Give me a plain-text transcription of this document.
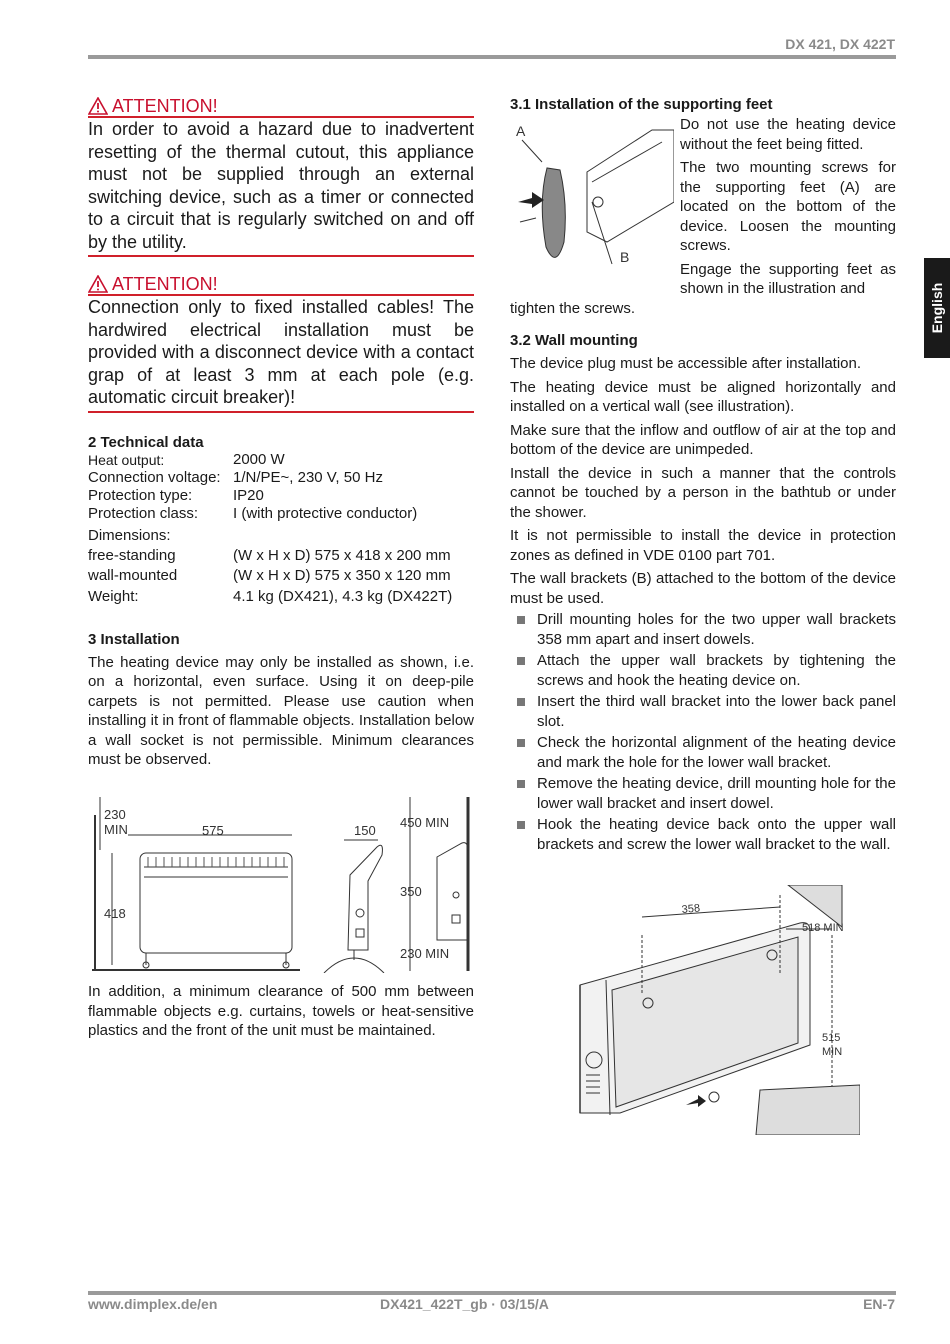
DX 421, DX 422T
English
ATTENTION!
In order to avoid a hazard due to inadvertent resetting of the thermal cutout, this appliance must not be supplied through an external switching device, such as a timer or connected to a circuit that is regularly switched on and off by the utility.
ATTENTION!
Connection only to fixed installed cables! The hardwired electrical installation must be provided with a disconnect device with a contact grap of at least 3 mm at each pole (e.g. automatic circuit breaker)!
2 Technical data
Heat output:	2000 W
Connection voltage:	1/N/PE~, 230 V, 50 Hz
Protection type:	IP20
Protection class:	I (with protective conductor)
Dimensions:
free-standing	(W x H x D) 575 x 418 x 200 mm
wall-mounted	(W x H x D) 575 x 350 x 120 mm
Weight:	4.1 kg (DX421), 4.3 kg (DX422T)
3 Installation

The heating device may only be installed as shown, i.e. on a horizontal, even surface. Using it on deep-pile carpets is not permitted. Please use caution when installing it in front of flammable objects. Installation below a wall socket is not permissible. Minimum clearances must be observed.

230
MIN	575
418
150
450 MIN
350
230 MIN

In addition, a minimum clearance of 500 mm between flammable objects e.g. curtains, towels or heat-sensitive plastics and the front of the unit must be maintained.

3.1 Installation of the supporting feet
A
B

Do not use the heating device without the feet being fitted.

The two mounting screws for the supporting feet (A) are located on the bottom of the device. Loosen the mounting screws.

Engage the supporting feet as shown in the illustration and

tighten the screws.

3.2 Wall mounting

The device plug must be accessible after installation.

The heating device must be aligned horizontally and installed on a vertical wall (see illustration).

Make sure that the inflow and outflow of air at the top and bottom of the device are unimpeded.

Install the device in such a manner that the controls cannot be touched by a person in the bathtub or under the shower.

It is not permissible to install the device in protection zones as defined in VDE 0100 part 701.

The wall brackets (B) attached to the bottom of the device must be used.

Drill mounting holes for the two upper wall brackets 358 mm apart and insert dowels.
Attach the upper wall brackets by tightening the screws and hook the heating device on.
Insert the third wall bracket into the lower back panel slot.
Check the horizontal alignment of the heating device and mark the hole for the lower wall bracket.
Remove the heating device, drill mounting hole for the lower wall bracket and insert dowel.
Hook the heating device back onto the upper wall brackets and screw the lower wall bracket to the wall.
358
518 MIN
515
MIN
www.dimplex.de/en	DX421_422T_gb · 03/15/A	EN-7
